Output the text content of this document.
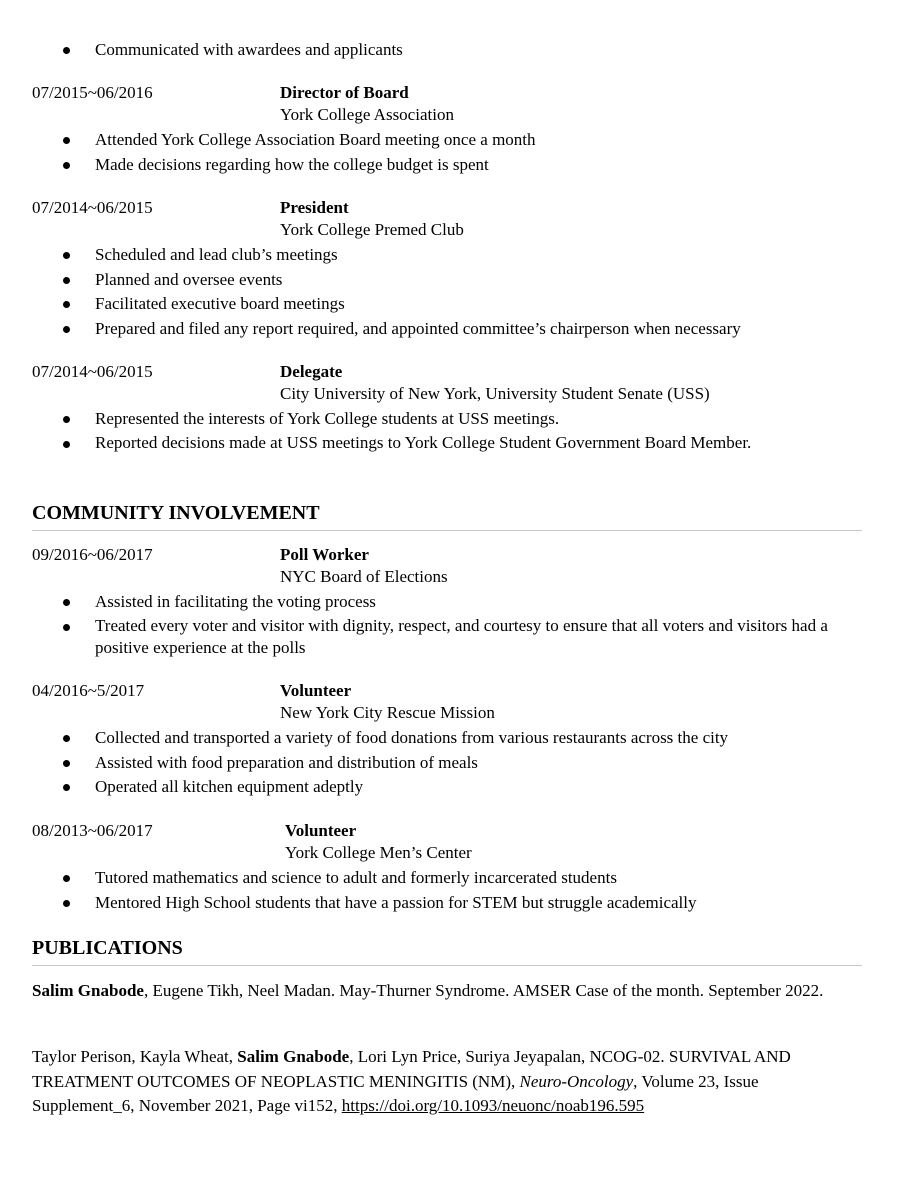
Communicated with awardees and applicants
07/2015~06/2016	Director of Board
York College Association
Attended York College Association Board meeting once a month
Made decisions regarding how the college budget is spent
07/2014~06/2015	President
York College Premed Club
Scheduled and lead club’s meetings
Planned and oversee events
Facilitated executive board meetings
Prepared and filed any report required, and appointed committee’s chairperson when necessary
07/2014~06/2015	Delegate
City University of New York, University Student Senate (USS)
Represented the interests of York College students at USS meetings.
Reported decisions made at USS meetings to York College Student Government Board Member.
COMMUNITY INVOLVEMENT
09/2016~06/2017	Poll Worker
NYC Board of Elections
Assisted in facilitating the voting process
Treated every voter and visitor with dignity, respect, and courtesy to ensure that all voters and visitors had a positive experience at the polls
04/2016~5/2017	Volunteer
New York City Rescue Mission
Collected and transported a variety of food donations from various restaurants across the city
Assisted with food preparation and distribution of meals
Operated all kitchen equipment adeptly
08/2013~06/2017	Volunteer
York College Men’s Center
Tutored mathematics and science to adult and formerly incarcerated students
Mentored High School students that have a passion for STEM but struggle academically
PUBLICATIONS
Salim Gnabode, Eugene Tikh, Neel Madan. May-Thurner Syndrome. AMSER Case of the month. September 2022.
Taylor Perison, Kayla Wheat, Salim Gnabode, Lori Lyn Price, Suriya Jeyapalan, NCOG-02. SURVIVAL AND TREATMENT OUTCOMES OF NEOPLASTIC MENINGITIS (NM), Neuro-Oncology, Volume 23, Issue Supplement_6, November 2021, Page vi152, https://doi.org/10.1093/neuonc/noab196.595
